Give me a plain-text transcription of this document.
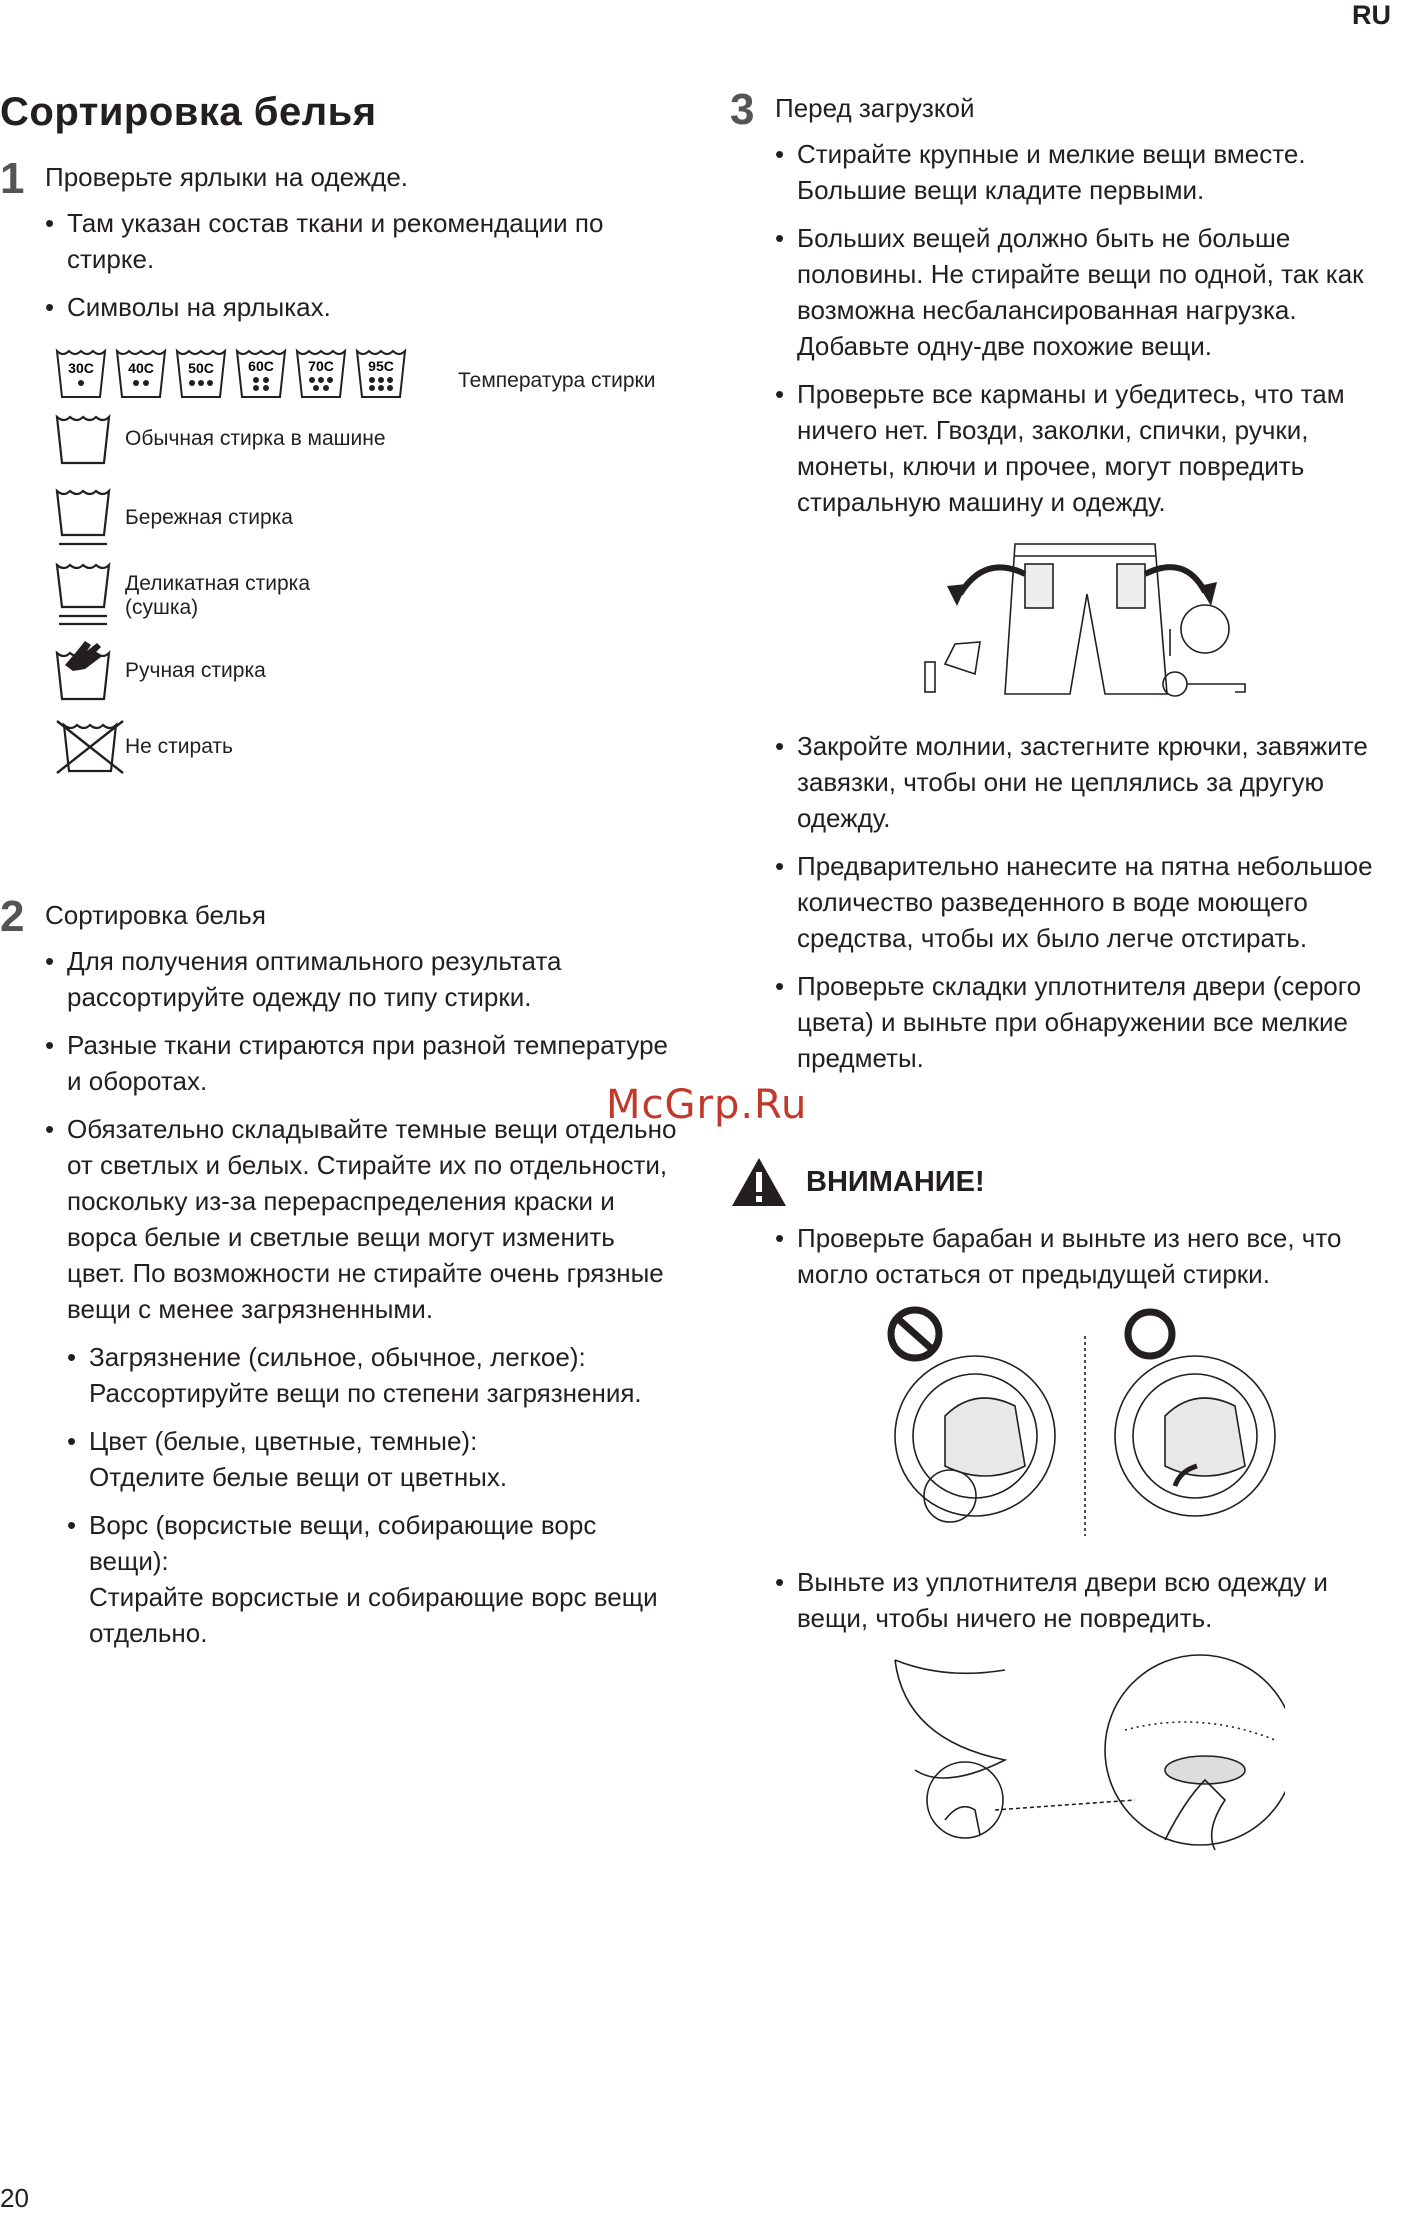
RU
Сортировка белья
1 Проверьте ярлыки на одежде.
• Там указан состав ткани и рекомендации по стирке.
• Символы на ярлыках.
30C 40C 50C 60C 70C 95C
Температура стирки
Обычная стирка в машине
Бережная стирка
Деликатная стирка
(сушка)
Ручная стирка
Не стирать
2 Сортировка белья
• Для получения оптимального результата рассортируйте одежду по типу стирки.
• Разные ткани стираются при разной температуре и оборотах.
• Обязательно складывайте темные вещи отдельно от светлых и белых. Стирайте их по отдельности, поскольку из-за перераспределения краски и ворса белые и светлые вещи могут изменить цвет. По возможности не стирайте очень грязные вещи с менее загрязненными.
• Загрязнение (сильное, обычное, легкое):
Рассортируйте вещи по степени загрязнения.
• Цвет (белые, цветные, темные):
Отделите белые вещи от цветных.
• Ворс (ворсистые вещи, собирающие ворс вещи):
Стирайте ворсистые и собирающие ворс вещи отдельно.
3 Перед загрузкой
• Стирайте крупные и мелкие вещи вместе. Большие вещи кладите первыми.
• Больших вещей должно быть не больше половины. Не стирайте вещи по одной, так как возможна несбалансированная нагрузка. Добавьте одну-две похожие вещи.
• Проверьте все карманы и убедитесь, что там ничего нет. Гвозди, заколки, спички, ручки, монеты, ключи и прочее, могут повредить стиральную машину и одежду.
• Закройте молнии, застегните крючки, завяжите завязки, чтобы они не цеплялись за другую одежду.
• Предварительно нанесите на пятна небольшое количество разведенного в воде моющего средства, чтобы их было легче отстирать.
• Проверьте складки уплотнителя двери (серого цвета) и выньте при обнаружении все мелкие предметы.
ВНИМАНИЕ!
• Проверьте барабан и выньте из него все, что могло остаться от предыдущей стирки.
• Выньте из уплотнителя двери всю одежду и вещи, чтобы ничего не повредить.
McGrp.Ru
20
